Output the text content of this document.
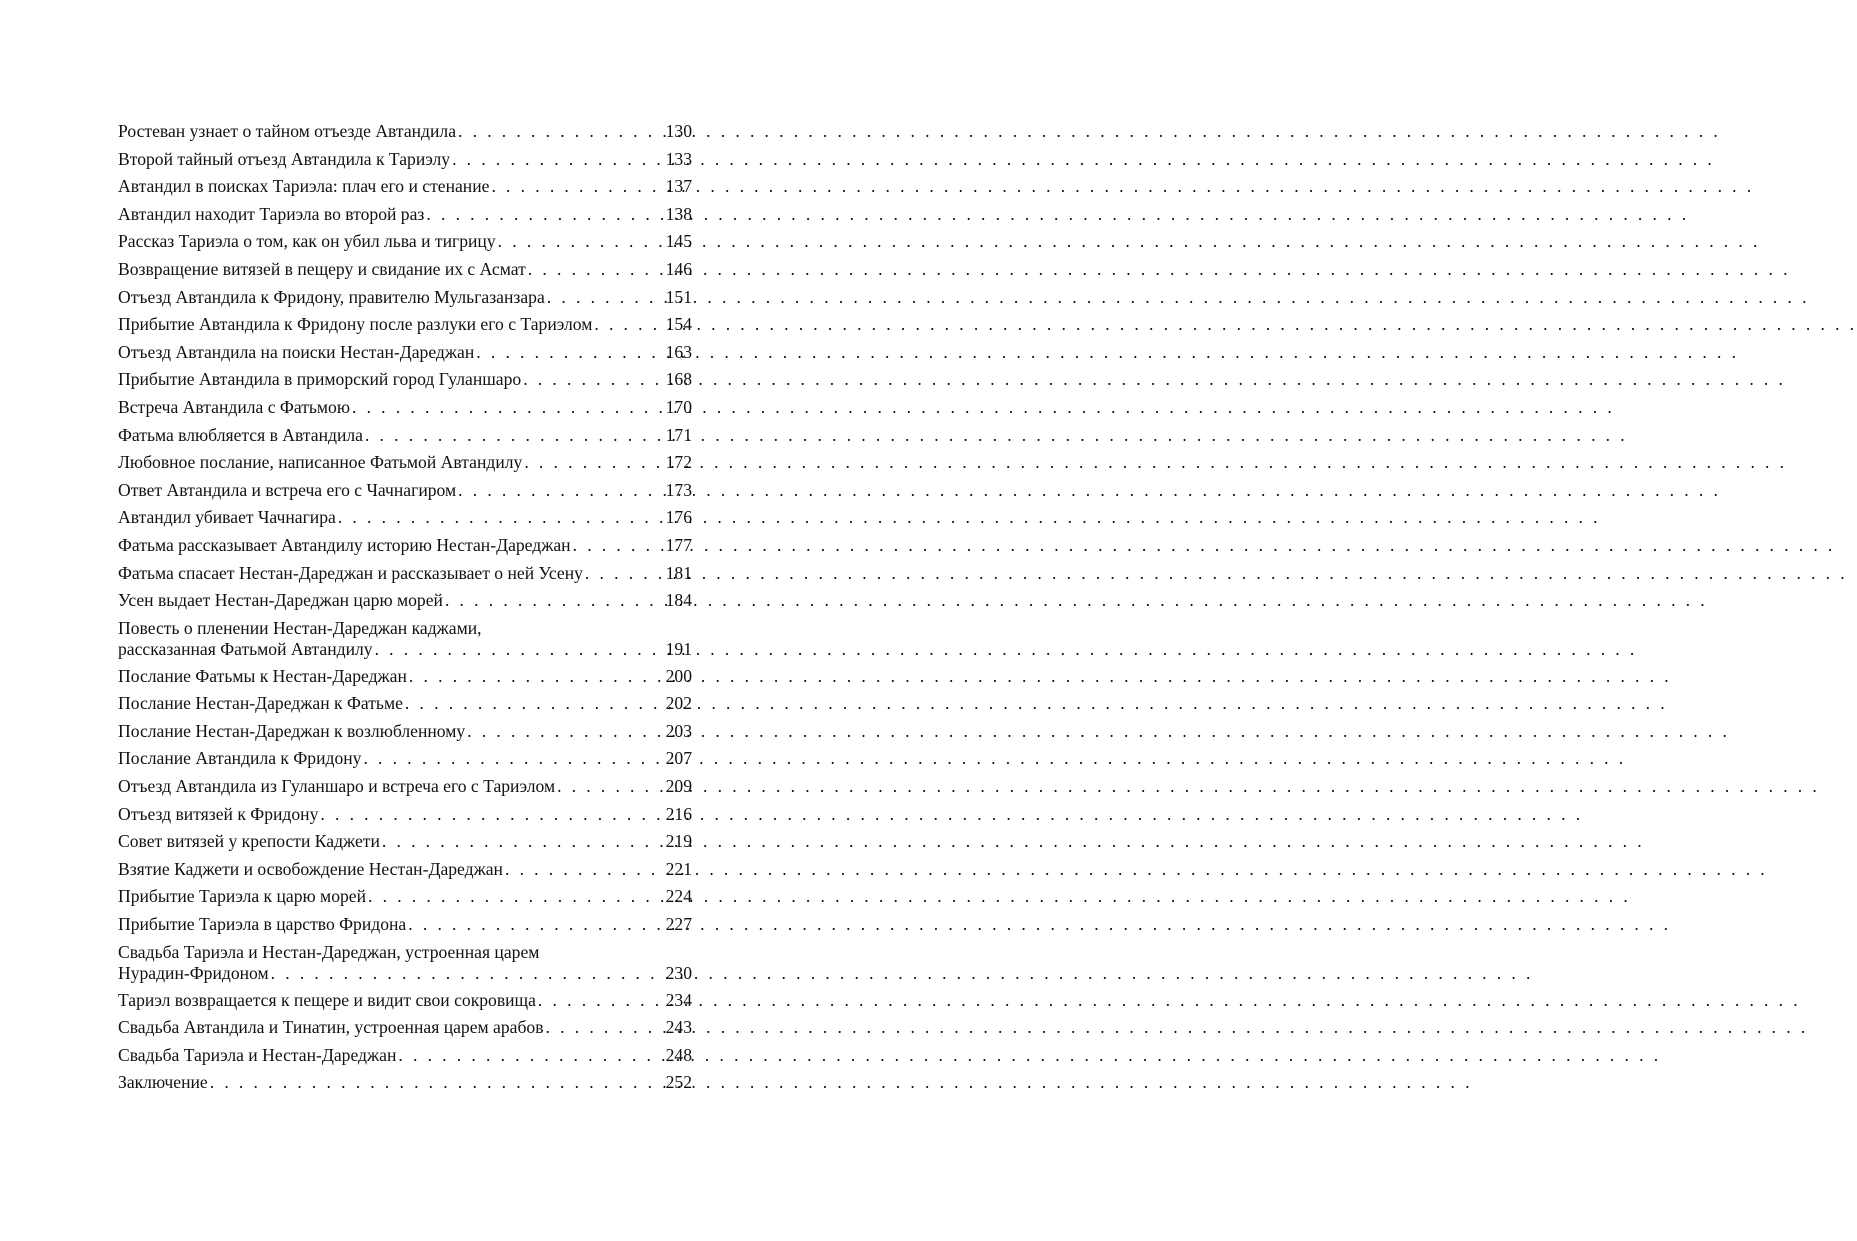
Ростеван узнает о тайном отъезде Автандила . . .	130
Второй тайный отъезд Автандила к Тариэлу . . .	133
Автандил в поисках Тариэла: плач его и стенание . . .	137
Автандил находит Тариэла во второй раз . . .	138
Рассказ Тариэла о том, как он убил льва и тигрицу . . .	145
Возвращение витязей в пещеру и свидание их с Асмат . . .	146
Отъезд Автандила к Фридону, правителю Мульгазанзара . . .	151
Прибытие Автандила к Фридону после разлуки его с Тариэлом . . .	154
Отъезд Автандила на поиски Нестан-Дареджан . . .	163
Прибытие Автандила в приморский город Гуланшаро . . .	168
Встреча Автандила с Фатьмою . . .	170
Фатьма влюбляется в Автандила . . .	171
Любовное послание, написанное Фатьмой Автандилу . . .	172
Ответ Автандила и встреча его с Чачнагиром . . .	173
Автандил убивает Чачнагира . . .	176
Фатьма рассказывает Автандилу историю Нестан-Дареджан . . .	177
Фатьма спасает Нестан-Дареджан и рассказывает о ней Усену . . .	181
Усен выдает Нестан-Дареджан царю морей . . .	184
Повесть о пленении Нестан-Дареджан каджами,
рассказанная Фатьмой Автандилу . . .	191
Послание Фатьмы к Нестан-Дареджан . . .	200
Послание Нестан-Дареджан к Фатьме . . .	202
Послание Нестан-Дареджан к возлюбленному . . .	203
Послание Автандила к Фридону . . .	207
Отъезд Автандила из Гуланшаро и встреча его с Тариэлом . . .	209
Отъезд витязей к Фридону . . .	216
Совет витязей у крепости Каджети . . .	219
Взятие Каджети и освобождение Нестан-Дареджан . . .	221
Прибытие Тариэла к царю морей . . .	224
Прибытие Тариэла в царство Фридона . . .	227
Свадьба Тариэла и Нестан-Дареджан, устроенная царем
Нурадин-Фридоном . . .	230
Тариэл возвращается к пещере и видит свои сокровища . . .	234
Свадьба Автандила и Тинатин, устроенная царем арабов . . .	243
Свадьба Тариэла и Нестан-Дареджан . . .	248
Заключение . . .	252
